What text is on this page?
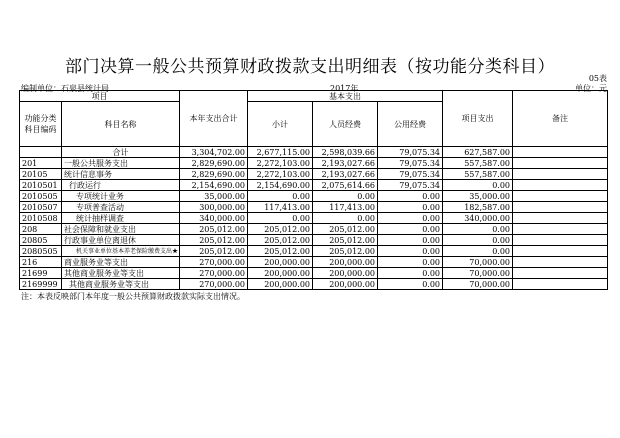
部门决算一般公共预算财政拨款支出明细表（按功能分类科目）
05表
编制单位：石泉县统计局	2017年	单位：元
项目		本年支出合计	基本支出			项目支出	备注
功能分类科目编码	科目名称		小计	人员经费	公用经费		

	合计	3,304,702.00	2,677,115.00	2,598,039.66	79,075.34	627,587.00	
201	一般公共服务支出	2,829,690.00	2,272,103.00	2,193,027.66	79,075.34	557,587.00	
20105	统计信息事务	2,829,690.00	2,272,103.00	2,193,027.66	79,075.34	557,587.00	
2010501	行政运行	2,154,690.00	2,154,690.00	2,075,614.66	79,075.34	0.00	
2010505	专项统计业务	35,000.00	0.00	0.00	0.00	35,000.00	
2010507	专项普查活动	300,000.00	117,413.00	117,413.00	0.00	182,587.00	
2010508	统计抽样调查	340,000.00	0.00	0.00	0.00	340,000.00	
208	社会保障和就业支出	205,012.00	205,012.00	205,012.00	0.00	0.00	
20805	行政事业单位离退休	205,012.00	205,012.00	205,012.00	0.00	0.00	
2080505	机关事业单位基本养老保险缴费支出★	205,012.00	205,012.00	205,012.00	0.00	0.00	
216	商业服务业等支出	270,000.00	200,000.00	200,000.00	0.00	70,000.00	
21699	其他商业服务业等支出	270,000.00	200,000.00	200,000.00	0.00	70,000.00	
2169999	其他商业服务业等支出	270,000.00	200,000.00	200,000.00	0.00	70,000.00	
注：本表反映部门本年度一般公共预算财政拨款实际支出情况。
